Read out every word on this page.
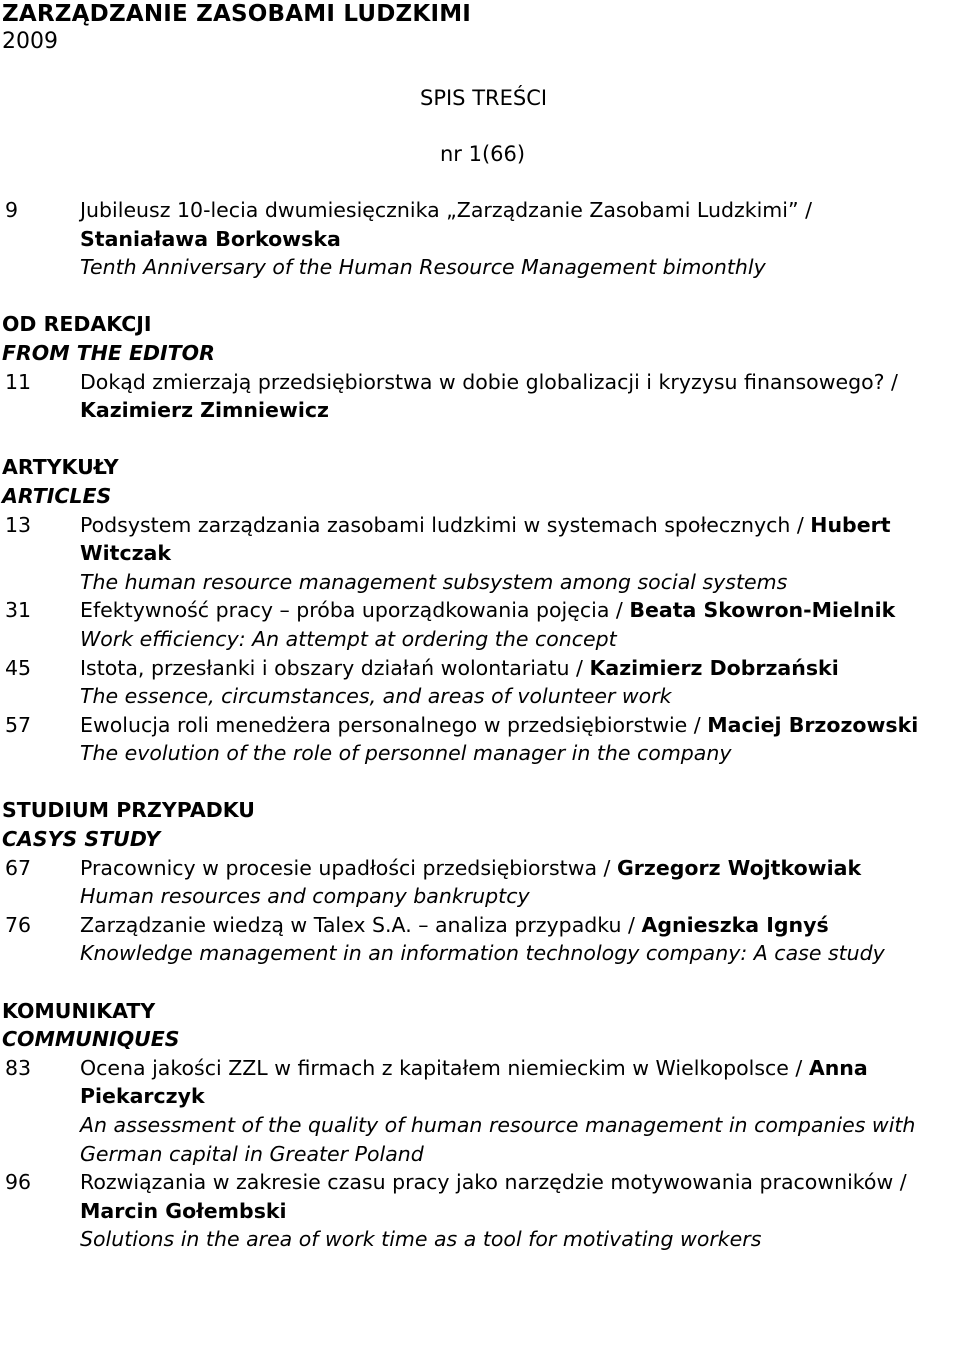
ZARZĄDZANIE ZASOBAMI LUDZKIMI
2009
SPIS TREŚCI
nr 1(66)
9	Jubileusz 10-lecia dwumiesięcznika „Zarządzanie Zasobami Ludzkimi” /
Staniaława Borkowska
Tenth Anniversary of the Human Resource Management bimonthly
OD REDAKCJI
FROM THE EDITOR
11	Dokąd zmierzają przedsiębiorstwa w dobie globalizacji i kryzysu finansowego? / Kazimierz Zimniewicz
ARTYKUŁY
ARTICLES
13	Podsystem zarządzania zasobami ludzkimi w systemach społecznych / Hubert Witczak
The human resource management subsystem among social systems
31	Efektywność pracy – próba uporządkowania pojęcia / Beata Skowron-Mielnik
Work efficiency: An attempt at ordering the concept
45	Istota, przesłanki i obszary działań wolontariatu / Kazimierz Dobrzański
The essence, circumstances, and areas of volunteer work
57	Ewolucja roli menedżera personalnego w przedsiębiorstwie / Maciej Brzozowski
The evolution of the role of personnel manager in the company
STUDIUM PRZYPADKU
CASYS STUDY
67	Pracownicy w procesie upadłości przedsiębiorstwa / Grzegorz Wojtkowiak
Human resources and company bankruptcy
76	Zarządzanie wiedzą w Talex S.A. – analiza przypadku / Agnieszka Ignyś
Knowledge management in an information technology company: A case study
KOMUNIKATY
COMMUNIQUES
83	Ocena jakości ZZL w firmach z kapitałem niemieckim w Wielkopolsce / Anna Piekarczyk
An assessment of the quality of human resource management in companies with German capital in Greater Poland
96	Rozwiązania w zakresie czasu pracy jako narzędzie motywowania pracowników / Marcin Gołembski
Solutions in the area of work time as a tool for motivating workers
